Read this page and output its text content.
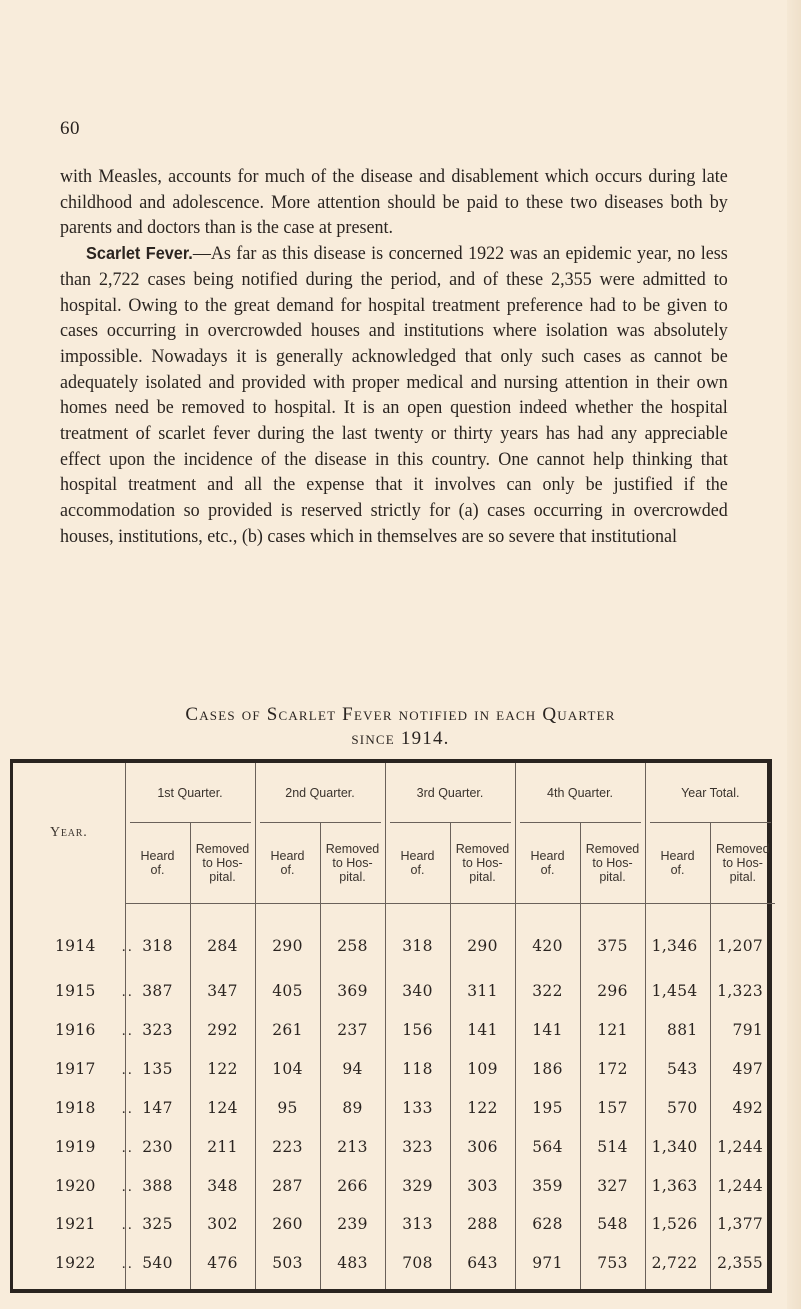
60

with Measles, accounts for much of the disease and disablement which occurs during late childhood and adolescence. More attention should be paid to these two diseases both by parents and doctors than is the case at present.

Scarlet Fever.—As far as this disease is concerned 1922 was an epidemic year, no less than 2,722 cases being notified during the period, and of these 2,355 were admitted to hospital. Owing to the great demand for hospital treatment preference had to be given to cases occurring in overcrowded houses and institutions where isolation was absolutely impossible. Nowadays it is generally acknowledged that only such cases as cannot be adequately isolated and provided with proper medical and nursing attention in their own homes need be removed to hospital. It is an open question indeed whether the hospital treatment of scarlet fever during the last twenty or thirty years has had any appreciable effect upon the incidence of the disease in this country. One cannot help thinking that hospital treatment and all the expense that it involves can only be justified if the accommodation so provided is reserved strictly for (a) cases occurring in overcrowded houses, institutions, etc., (b) cases which in themselves are so severe that institutional

Cases of Scarlet Fever notified in each Quarter
since 1914.
Year.	1st Quarter.		2nd Quarter.		3rd Quarter.		4th Quarter.		Year Total.	
	Heard
of.	Removed
to Hos-
pital.	Heard
of.	Removed
to Hos-
pital.	Heard
of.	Removed
to Hos-
pital.	Heard
of.	Removed
to Hos-
pital.	Heard
of.	Removed
to Hos-
pital.
1914 ..	318	284	290	258	318	290	420	375	1,346	1,207
1915 ..	387	347	405	369	340	311	322	296	1,454	1,323
1916 ..	323	292	261	237	156	141	141	121	881	791
1917 ..	135	122	104	94	118	109	186	172	543	497
1918 ..	147	124	95	89	133	122	195	157	570	492
1919 ..	230	211	223	213	323	306	564	514	1,340	1,244
1920 ..	388	348	287	266	329	303	359	327	1,363	1,244
1921 ..	325	302	260	239	313	288	628	548	1,526	1,377
1922 ..	540	476	503	483	708	643	971	753	2,722	2,355
